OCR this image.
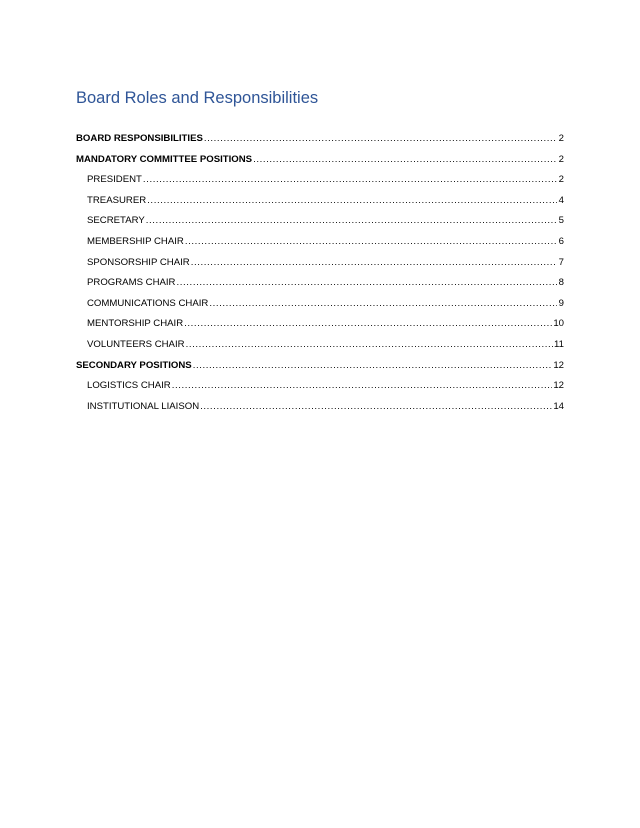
Board Roles and Responsibilities
BOARD RESPONSIBILITIES .....	2
MANDATORY COMMITTEE POSITIONS .....	2
PRESIDENT .....	2
TREASURER .....	4
SECRETARY .....	5
MEMBERSHIP CHAIR .....	6
SPONSORSHIP CHAIR .....	7
PROGRAMS CHAIR .....	8
COMMUNICATIONS CHAIR .....	9
MENTORSHIP CHAIR .....	10
VOLUNTEERS CHAIR .....	11
SECONDARY POSITIONS .....	12
LOGISTICS CHAIR .....	12
INSTITUTIONAL LIAISON .....	14
